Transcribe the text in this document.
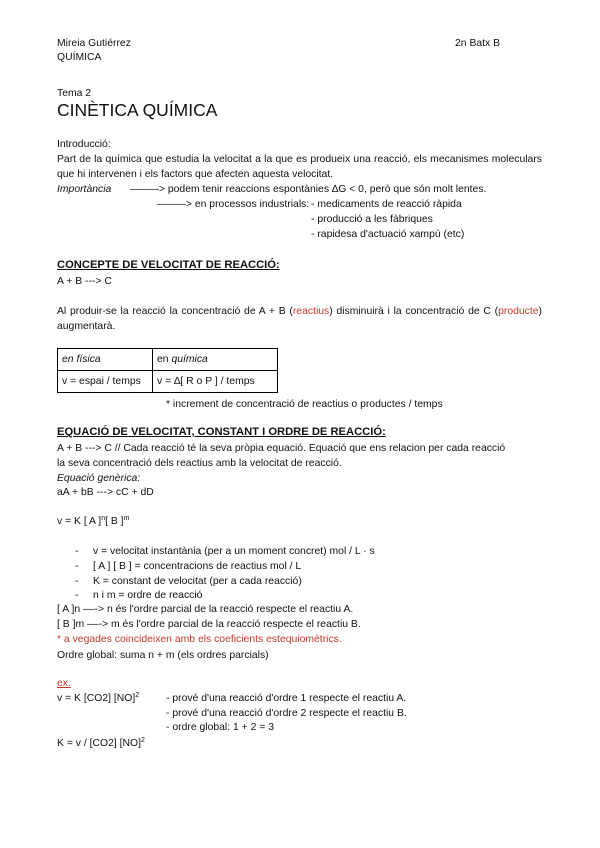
Mireia Gutiérrez	2n Batx B
QUÍMICA
Tema 2
CINÈTICA QUÍMICA
Introducció:
Part de la química que estudia la velocitat a la que es produeix una reacció, els mecanismes moleculars que hi intervenen i els factors que afecten aquesta velocitat.
Importància –––––> podem tenir reaccions espontànies ∆G < 0, però que són molt lentes.
–––––> en processos industrials: - medicaments de reacció ràpida
- producció a les fàbriques
- rapidesa d'actuació xampú (etc)
CONCEPTE DE VELOCITAT DE REACCIÓ:
A + B ---> C
Al produir-se la reacció la concentració de A + B (reactius) disminuirà i la concentració de C (producte) augmentarà.
en física	en química
v = espai / temps	v = ∆[ R o P ] / temps
* increment de concentració de reactius o productes / temps
EQUACIÓ DE VELOCITAT, CONSTANT I ORDRE DE REACCIÓ:
A + B ---> C // Cada reacció té la seva pròpia equació. Equació que ens relacion per cada reacció
la seva concentració dels reactius amb la velocitat de reacció.
Equació genèrica:
aA + bB ---> cC + dD
v = K [ A ]$^n$[ B ]$^m$
- v = velocitat instantània (per a un moment concret) mol / L · s
- [ A ] [ B ] = concentracions de reactius mol / L
- K = constant de velocitat (per a cada reacció)
- n i m = ordre de reacció
[ A ]n ––-> n és l'ordre parcial de la reacció respecte el reactiu A.
[ B ]m ––-> m és l'ordre parcial de la reacció respecte el reactiu B.
* a vegades coincideixen amb els coeficients estequiomètrics.
Ordre global: suma n + m (els ordres parcials)
ex.
v = K [CO2] [NO]$^2$	- prové d'una reacció d'ordre 1 respecte el reactiu A.
- prové d'una reacció d'ordre 2 respecte el reactiu B.
- ordre global: 1 + 2 = 3
K = v / [CO2] [NO]$^2$
